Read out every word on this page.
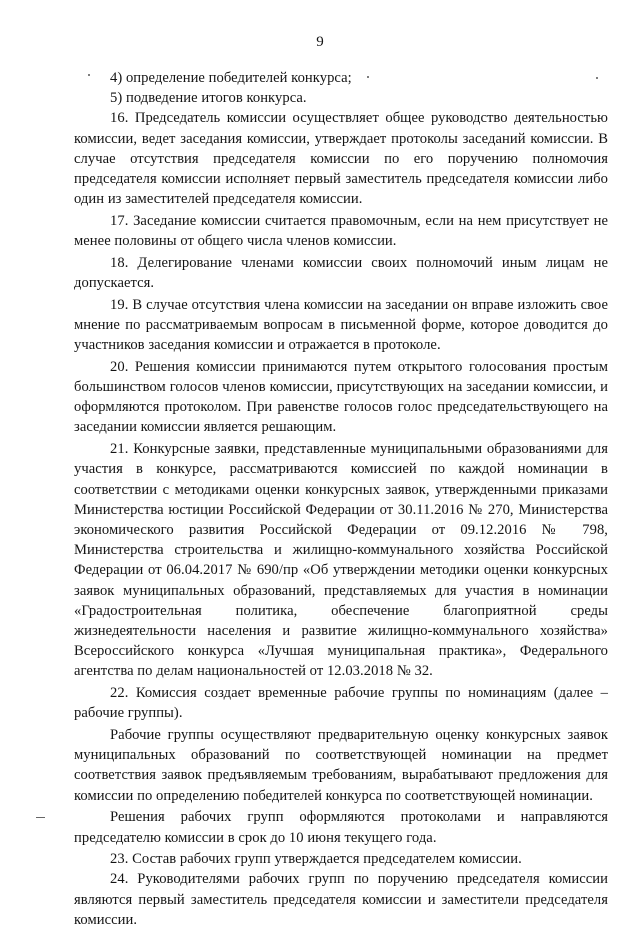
9

4) определение победителей конкурса;

5) подведение итогов конкурса.

16. Председатель комиссии осуществляет общее руководство деятельностью комиссии, ведет заседания комиссии, утверждает протоколы заседаний комиссии. В случае отсутствия председателя комиссии по его поручению полномочия председателя комиссии исполняет первый заместитель председателя комиссии либо один из заместителей председателя комиссии.

17. Заседание комиссии считается правомочным, если на нем присутствует не менее половины от общего числа членов комиссии.

18. Делегирование членами комиссии своих полномочий иным лицам не допускается.

19. В случае отсутствия члена комиссии на заседании он вправе изложить свое мнение по рассматриваемым вопросам в письменной форме, которое доводится до участников заседания комиссии и отражается в протоколе.

20. Решения комиссии принимаются путем открытого голосования простым большинством голосов членов комиссии, присутствующих на заседании комиссии, и оформляются протоколом. При равенстве голосов голос председательствующего на заседании комиссии является решающим.

21. Конкурсные заявки, представленные муниципальными образованиями для участия в конкурсе, рассматриваются комиссией по каждой номинации в соответствии с методиками оценки конкурсных заявок, утвержденными приказами Министерства юстиции Российской Федерации от 30.11.2016 № 270, Министерства экономического развития Российской Федерации от 09.12.2016 № 798, Министерства строительства и жилищно-коммунального хозяйства Российской Федерации от 06.04.2017 № 690/пр «Об утверждении методики оценки конкурсных заявок муниципальных образований, представляемых для участия в номинации «Градостроительная политика, обеспечение благоприятной среды жизнедеятельности населения и развитие жилищно-коммунального хозяйства» Всероссийского конкурса «Лучшая муниципальная практика», Федерального агентства по делам национальностей от 12.03.2018 № 32.

22. Комиссия создает временные рабочие группы по номинациям (далее – рабочие группы).

Рабочие группы осуществляют предварительную оценку конкурсных заявок муниципальных образований по соответствующей номинации на предмет соответствия заявок предъявляемым требованиям, вырабатывают предложения для комиссии по определению победителей конкурса по соответствующей номинации.

Решения рабочих групп оформляются протоколами и направляются председателю комиссии в срок до 10 июня текущего года.

23. Состав рабочих групп утверждается председателем комиссии.

24. Руководителями рабочих групп по поручению председателя комиссии являются первый заместитель председателя комиссии и заместители председателя комиссии.
